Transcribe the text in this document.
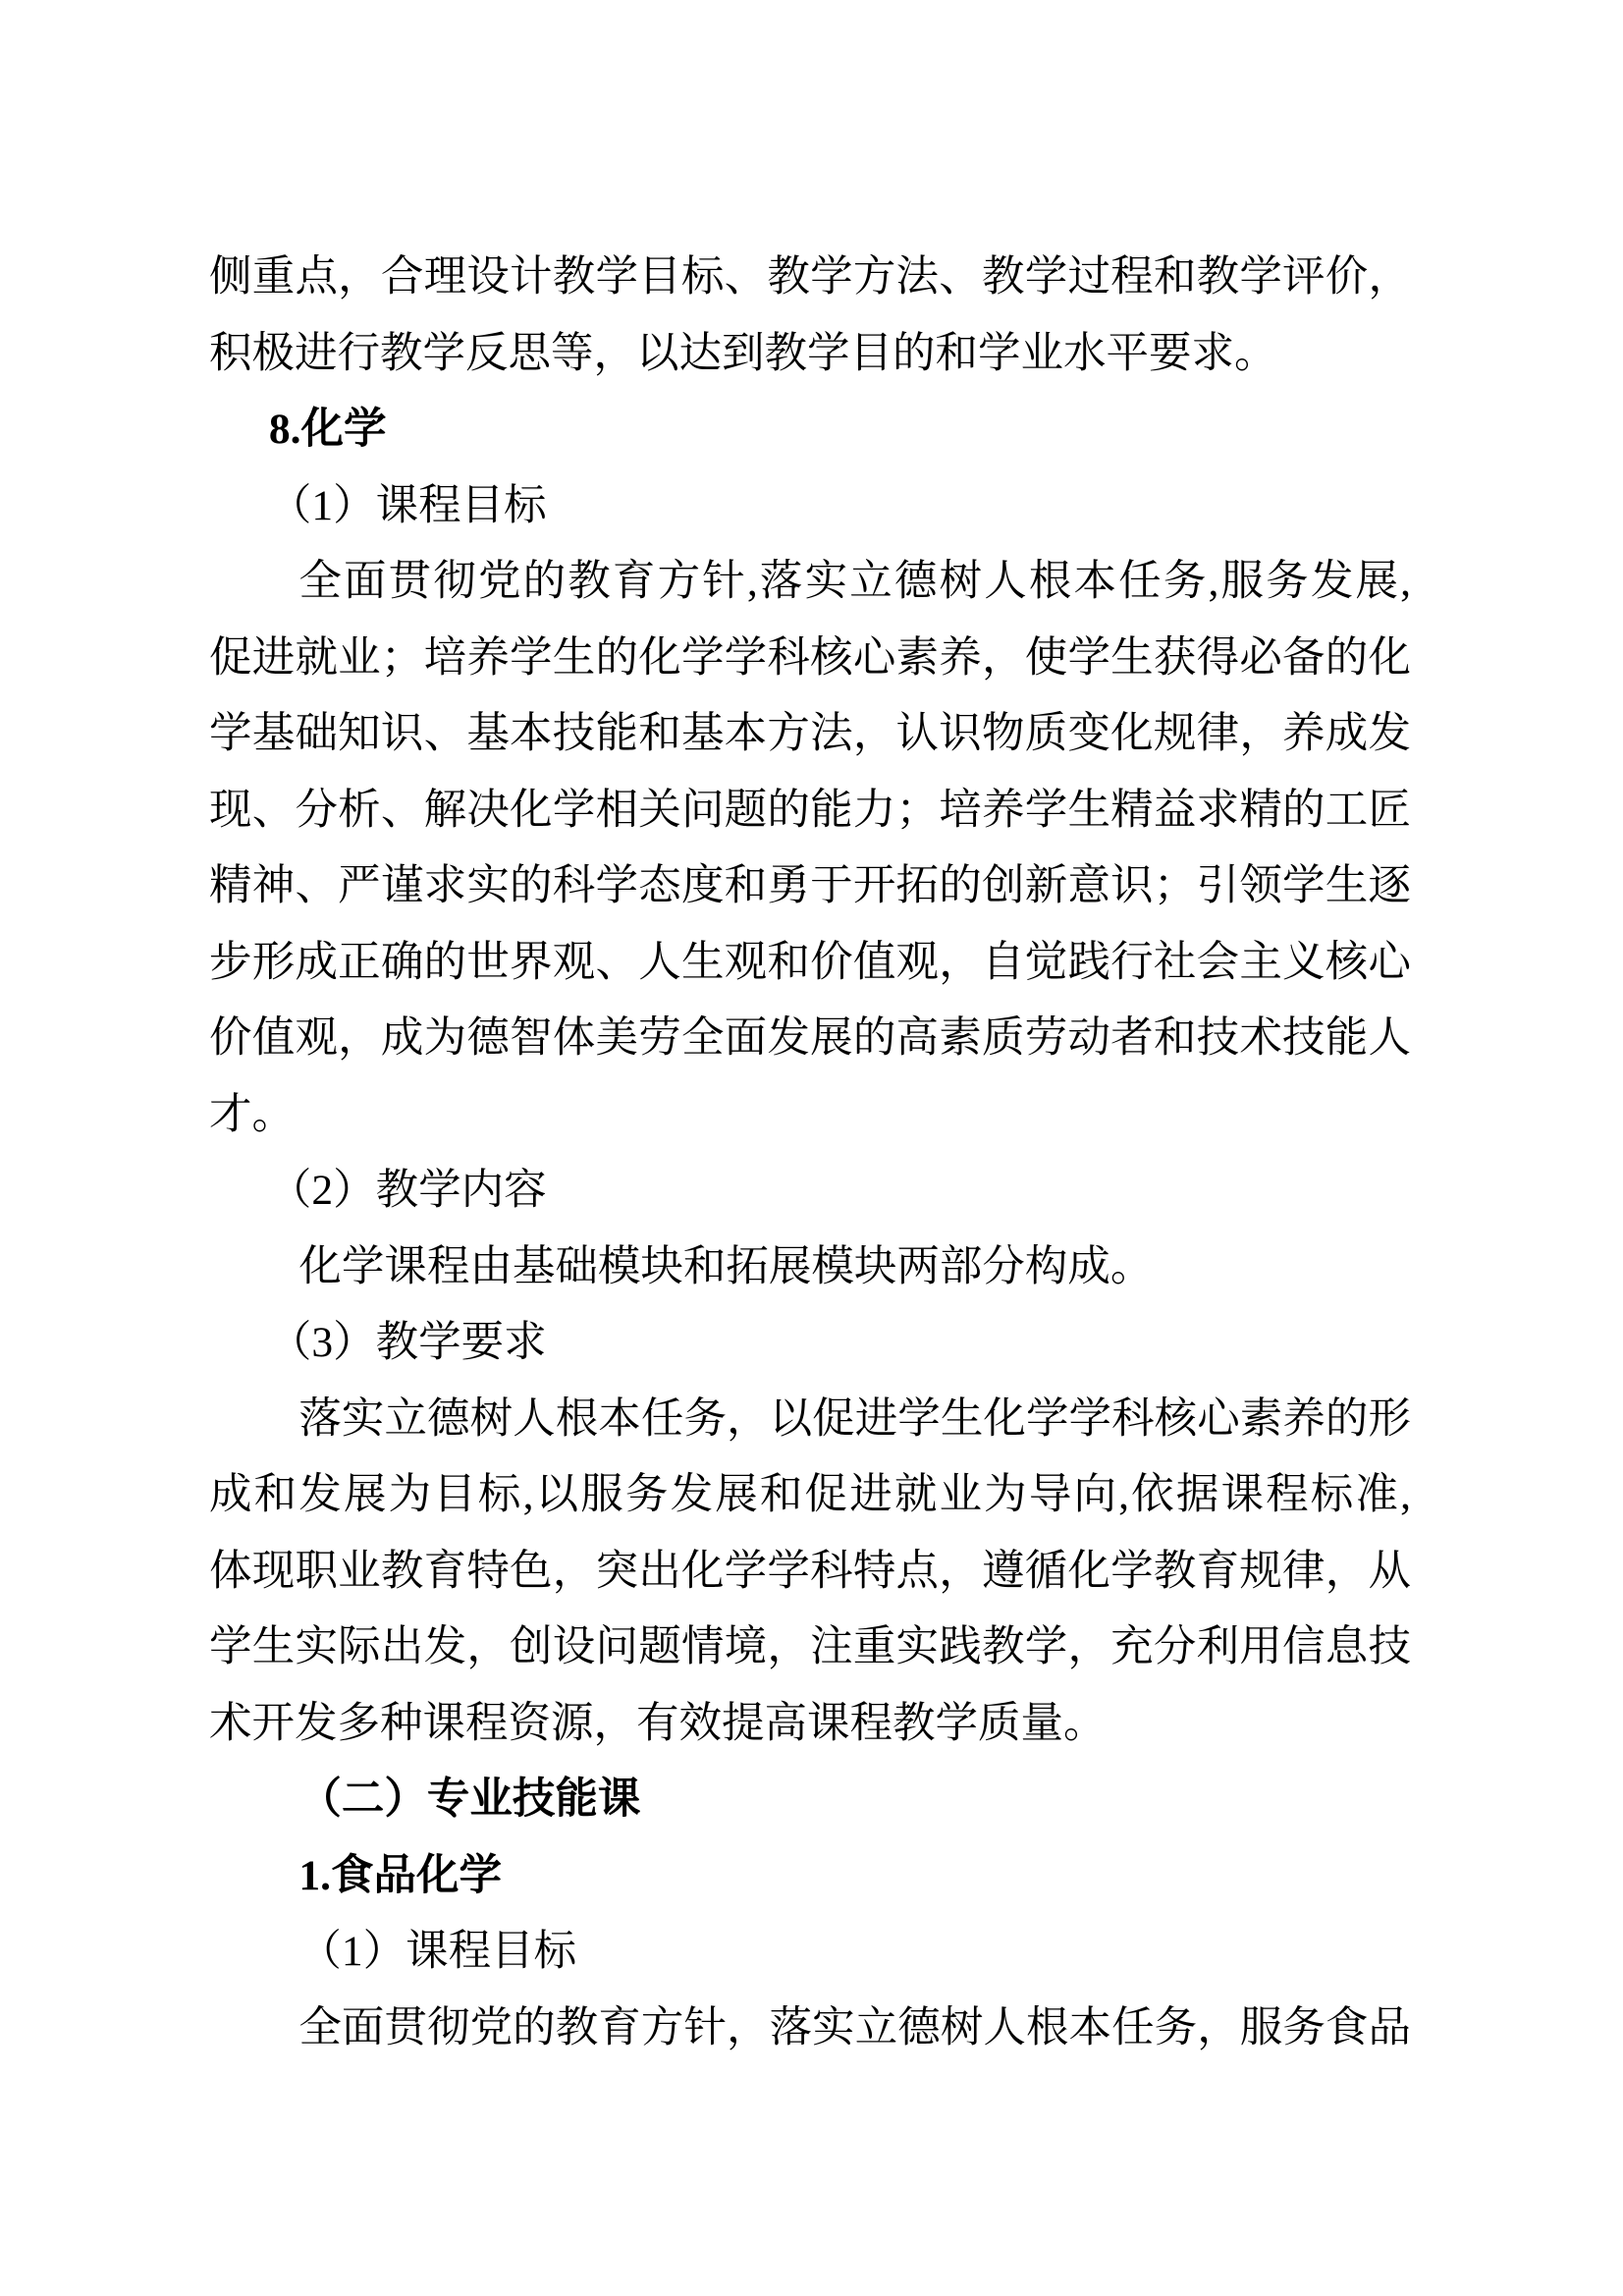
侧重点，合理设计教学目标、教学方法、教学过程和教学评价，
积极进行教学反思等，以达到教学目的和学业水平要求。
8.化学
（1）课程目标
全面贯彻党的教育方针,落实立德树人根本任务,服务发展,
促进就业；培养学生的化学学科核心素养，使学生获得必备的化
学基础知识、基本技能和基本方法，认识物质变化规律，养成发
现、分析、解决化学相关问题的能力；培养学生精益求精的工匠
精神、严谨求实的科学态度和勇于开拓的创新意识；引领学生逐
步形成正确的世界观、人生观和价值观，自觉践行社会主义核心
价值观，成为德智体美劳全面发展的高素质劳动者和技术技能人
才。
（2）教学内容
化学课程由基础模块和拓展模块两部分构成。
（3）教学要求
落实立德树人根本任务，以促进学生化学学科核心素养的形
成和发展为目标,以服务发展和促进就业为导向,依据课程标准,
体现职业教育特色，突出化学学科特点，遵循化学教育规律，从
学生实际出发，创设问题情境，注重实践教学，充分利用信息技
术开发多种课程资源，有效提高课程教学质量。
（二）专业技能课
1.食品化学
（1）课程目标
全面贯彻党的教育方针，落实立德树人根本任务，服务食品
